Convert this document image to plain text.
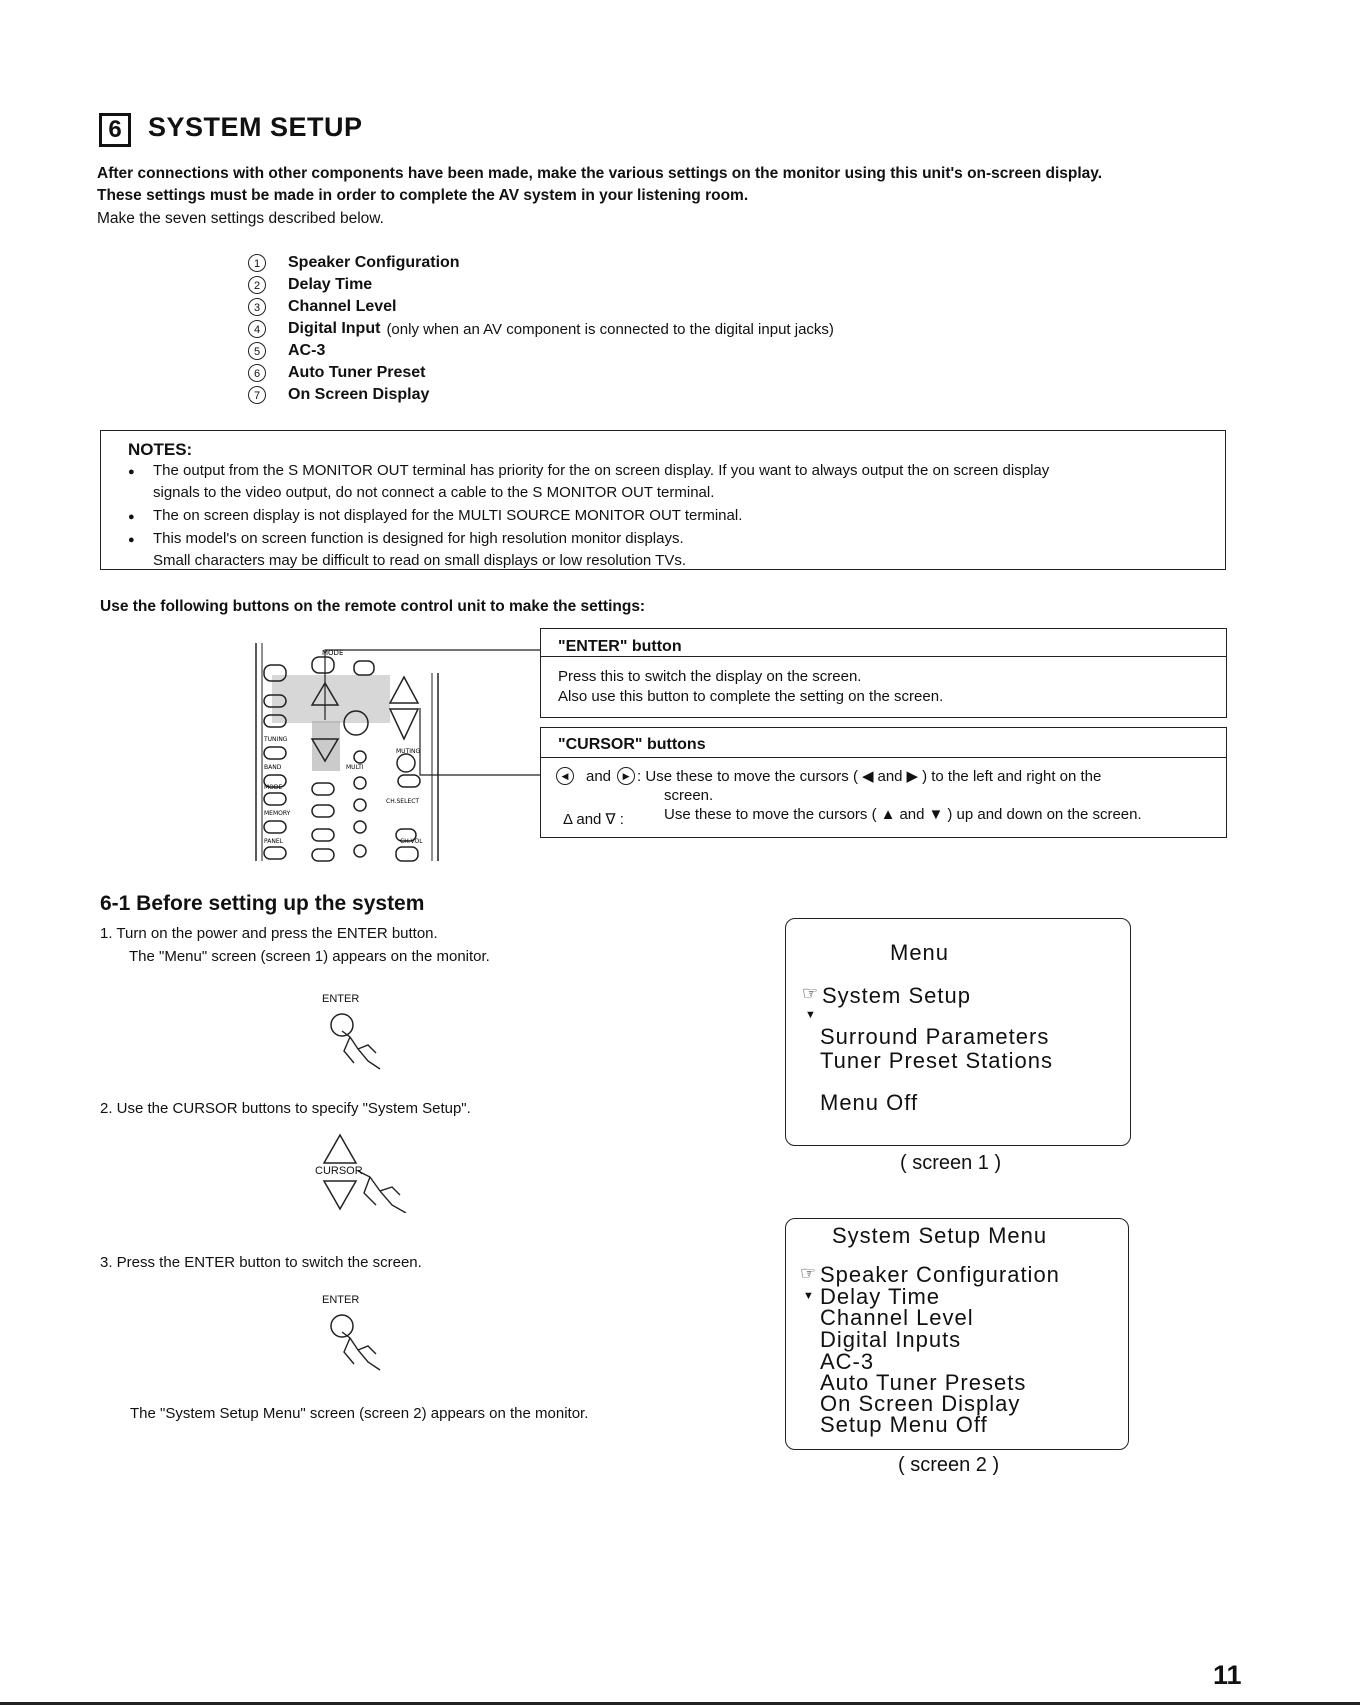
6 SYSTEM SETUP
After connections with other components have been made, make the various settings on the monitor using this unit's on-screen display.
These settings must be made in order to complete the AV system in your listening room.
Make the seven settings described below.
1	Speaker Configuration
2	Delay Time
3	Channel Level
4	Digital Input (only when an AV component is connected to the digital input jacks)
5	AC-3
6	Auto Tuner Preset
7	On Screen Display
NOTES:
● The output from the S MONITOR OUT terminal has priority for the on screen display. If you want to always output the on screen display
signals to the video output, do not connect a cable to the S MONITOR OUT terminal.
● The on screen display is not displayed for the MULTI SOURCE MONITOR OUT terminal.
● This model's on screen function is designed for high resolution monitor displays.
Small characters may be difficult to read on small displays or low resolution TVs.
Use the following buttons on the remote control unit to make the settings:
MODE
TUNING
BAND
MODE
MEMORY
PANEL
MUTING
MULTI
CH.SELECT
CH.VOL
"ENTER" button
Press this to switch the display on the screen.
Also use this button to complete the setting on the screen.
"CURSOR" buttons
◀	and	▶ : Use these to move the cursors ( ◀ and ▶ ) to the left and right on the
screen.
Δ and ∇ :	Use these to move the cursors ( ▲ and ▼ ) up and down on the screen.
6-1 Before setting up the system
1. Turn on the power and press the ENTER button.
The "Menu" screen (screen 1) appears on the monitor.
ENTER
2. Use the CURSOR buttons to specify "System Setup".
CURSOR
3. Press the ENTER button to switch the screen.
ENTER
The "System Setup Menu" screen (screen 2) appears on the monitor.
Menu
☞ System Setup
▼
Surround Parameters
Tuner Preset Stations
Menu Off
( screen 1 )
System Setup Menu
☞ Speaker Configuration
▼ Delay Time
Channel Level
Digital Inputs
AC-3
Auto Tuner Presets
On Screen Display
Setup Menu Off
( screen 2 )
11
